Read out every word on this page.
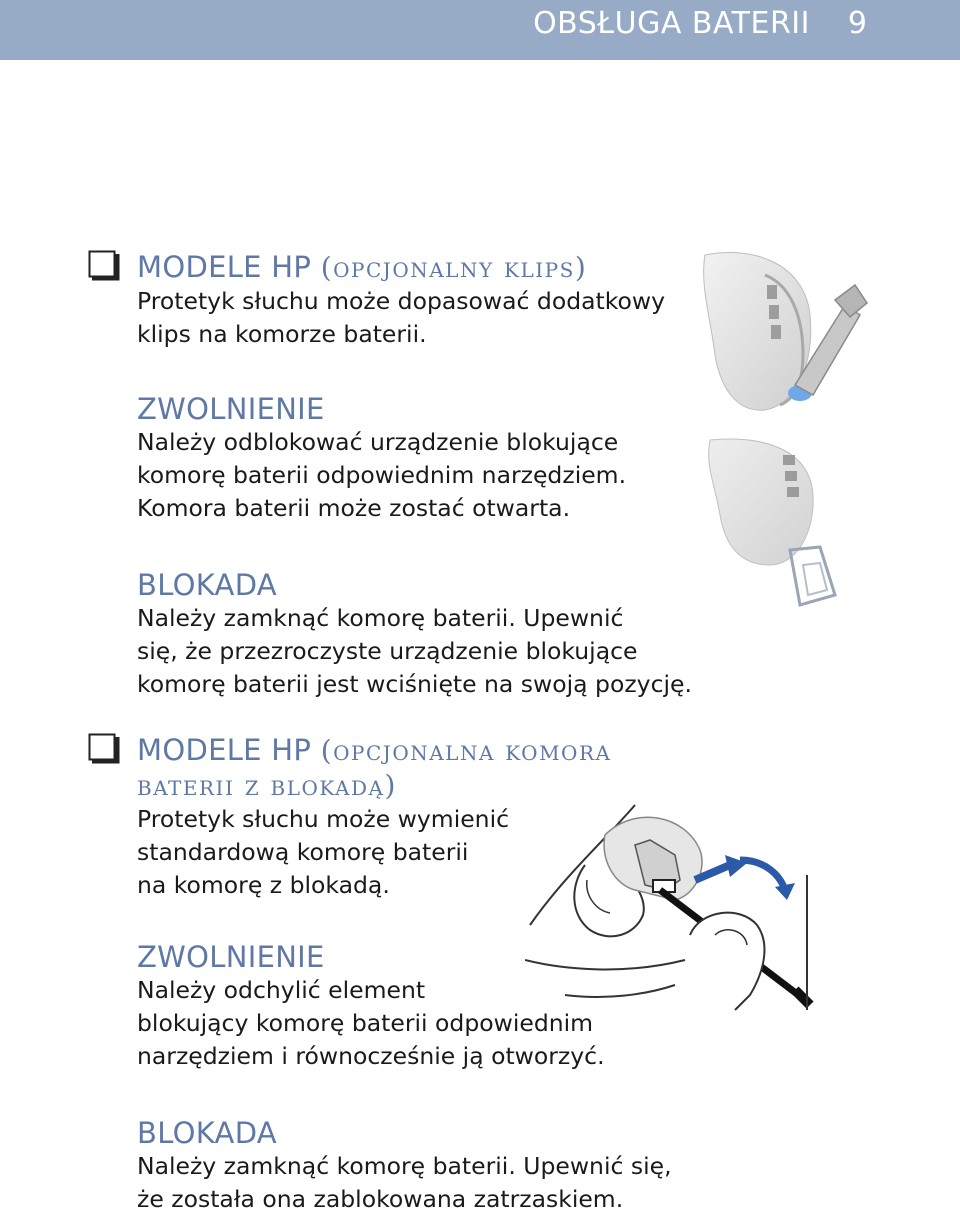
OBSŁUGA BATERII 9
MODELE HP (opcjonalny klips)
Protetyk słuchu może dopasować dodatkowy
klips na komorze baterii.
ZWOLNIENIE
Należy odblokować urządzenie blokujące
komorę baterii odpowiednim narzędziem.
Komora baterii może zostać otwarta.
BLOKADA
Należy zamknąć komorę baterii. Upewnić
się, że przezroczyste urządzenie blokujące
komorę baterii jest wciśnięte na swoją pozycję.
MODELE HP (opcjonalna komora
baterii z blokadą)
Protetyk słuchu może wymienić
standardową komorę baterii
na komorę z blokadą.
ZWOLNIENIE
Należy odchylić element
blokujący komorę baterii odpowiednim
narzędziem i równocześnie ją otworzyć.
BLOKADA
Należy zamknąć komorę baterii. Upewnić się,
że została ona zablokowana zatrzaskiem.
